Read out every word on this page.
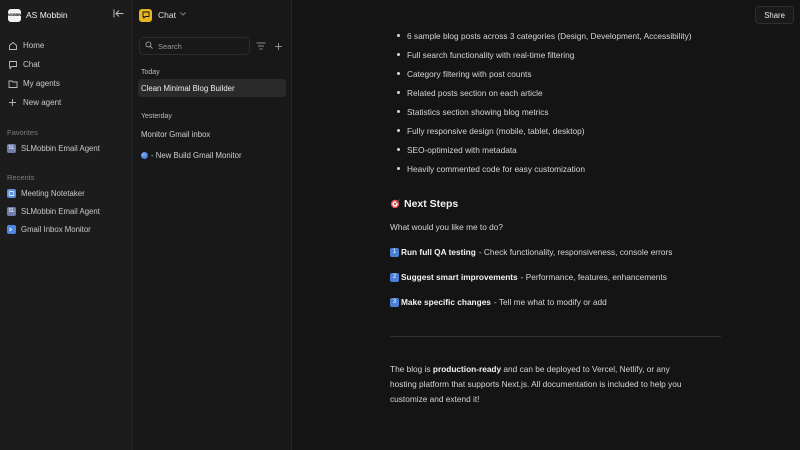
MOBBIN AS Mobbin
Home
Chat
My agents
New agent
Favorites
SL SLMobbin Email Agent
Recents
Meeting Notetaker
SL SLMobbin Email Agent
Gmail Inbox Monitor
Chat
Search
Today
Clean Minimal Blog Builder
Yesterday
Monitor Gmail inbox
- New Build Gmail Monitor
Share
6 sample blog posts across 3 categories (Design, Development, Accessibility)
Full search functionality with real-time filtering
Category filtering with post counts
Related posts section on each article
Statistics section showing blog metrics
Fully responsive design (mobile, tablet, desktop)
SEO-optimized with metadata
Heavily commented code for easy customization
Next Steps
What would you like me to do?
1 Run full QA testing - Check functionality, responsiveness, console errors
2 Suggest smart improvements - Performance, features, enhancements
3 Make specific changes - Tell me what to modify or add
The blog is production-ready and can be deployed to Vercel, Netlify, or any
hosting platform that supports Next.js. All documentation is included to help you
customize and extend it!
